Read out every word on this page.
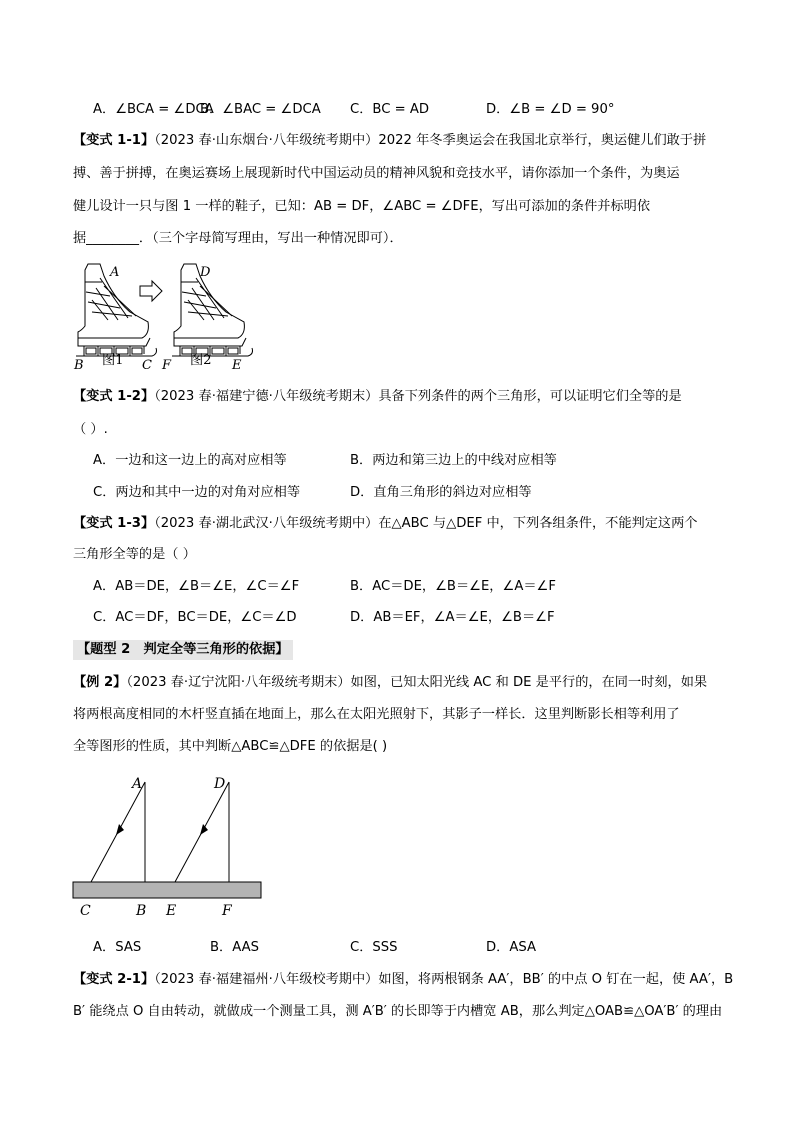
A．∠BCA = ∠DCA
B．∠BAC = ∠DCA C．BC = AD	D．∠B = ∠D = 90°
【变式 1-1】（2023 春·山东烟台·八年级统考期中）2022 年冬季奥运会在我国北京举行，奥运健儿们敢于拼
搏、善于拼搏，在奥运赛场上展现新时代中国运动员的精神风貌和竞技水平，请你添加一个条件，为奥运
健儿设计一只与图 1 一样的鞋子，已知：AB = DF，∠ABC = ∠DFE，写出可添加的条件并标明依
据________．（三个字母简写理由，写出一种情况即可）．
A
B	C
D
F	E
图1	图2
【变式 1-2】（2023 春·福建宁德·八年级统考期末）具备下列条件的两个三角形，可以证明它们全等的是
（ ）.
A．一边和这一边上的高对应相等	B．两边和第三边上的中线对应相等
C．两边和其中一边的对角对应相等	D．直角三角形的斜边对应相等
【变式 1-3】（2023 春·湖北武汉·八年级统考期中）在△ABC 与△DEF 中，下列各组条件，不能判定这两个
三角形全等的是（ ）
A．AB＝DE，∠B＝∠E，∠C＝∠F	B．AC＝DE，∠B＝∠E，∠A＝∠F
C．AC＝DF，BC＝DE，∠C＝∠D	D．AB＝EF，∠A＝∠E，∠B＝∠F
【题型 2　判定全等三角形的依据】
【例 2】（2023 春·辽宁沈阳·八年级统考期末）如图，已知太阳光线 AC 和 DE 是平行的，在同一时刻，如果
将两根高度相同的木杆竖直插在地面上，那么在太阳光照射下，其影子一样长．这里判断影长相等利用了
全等图形的性质，其中判断△ABC≌△DFE 的依据是( )
A	D
C	B E	F
A．SAS	B．AAS	C．SSS	D．ASA
【变式 2-1】（2023 春·福建福州·八年级校考期中）如图，将两根钢条 AA′，BB′ 的中点 O 钉在一起，使 AA′，B
B′ 能绕点 O 自由转动，就做成一个测量工具，测 A′B′ 的长即等于内槽宽 AB，那么判定△OAB≌△OA′B′ 的理由
